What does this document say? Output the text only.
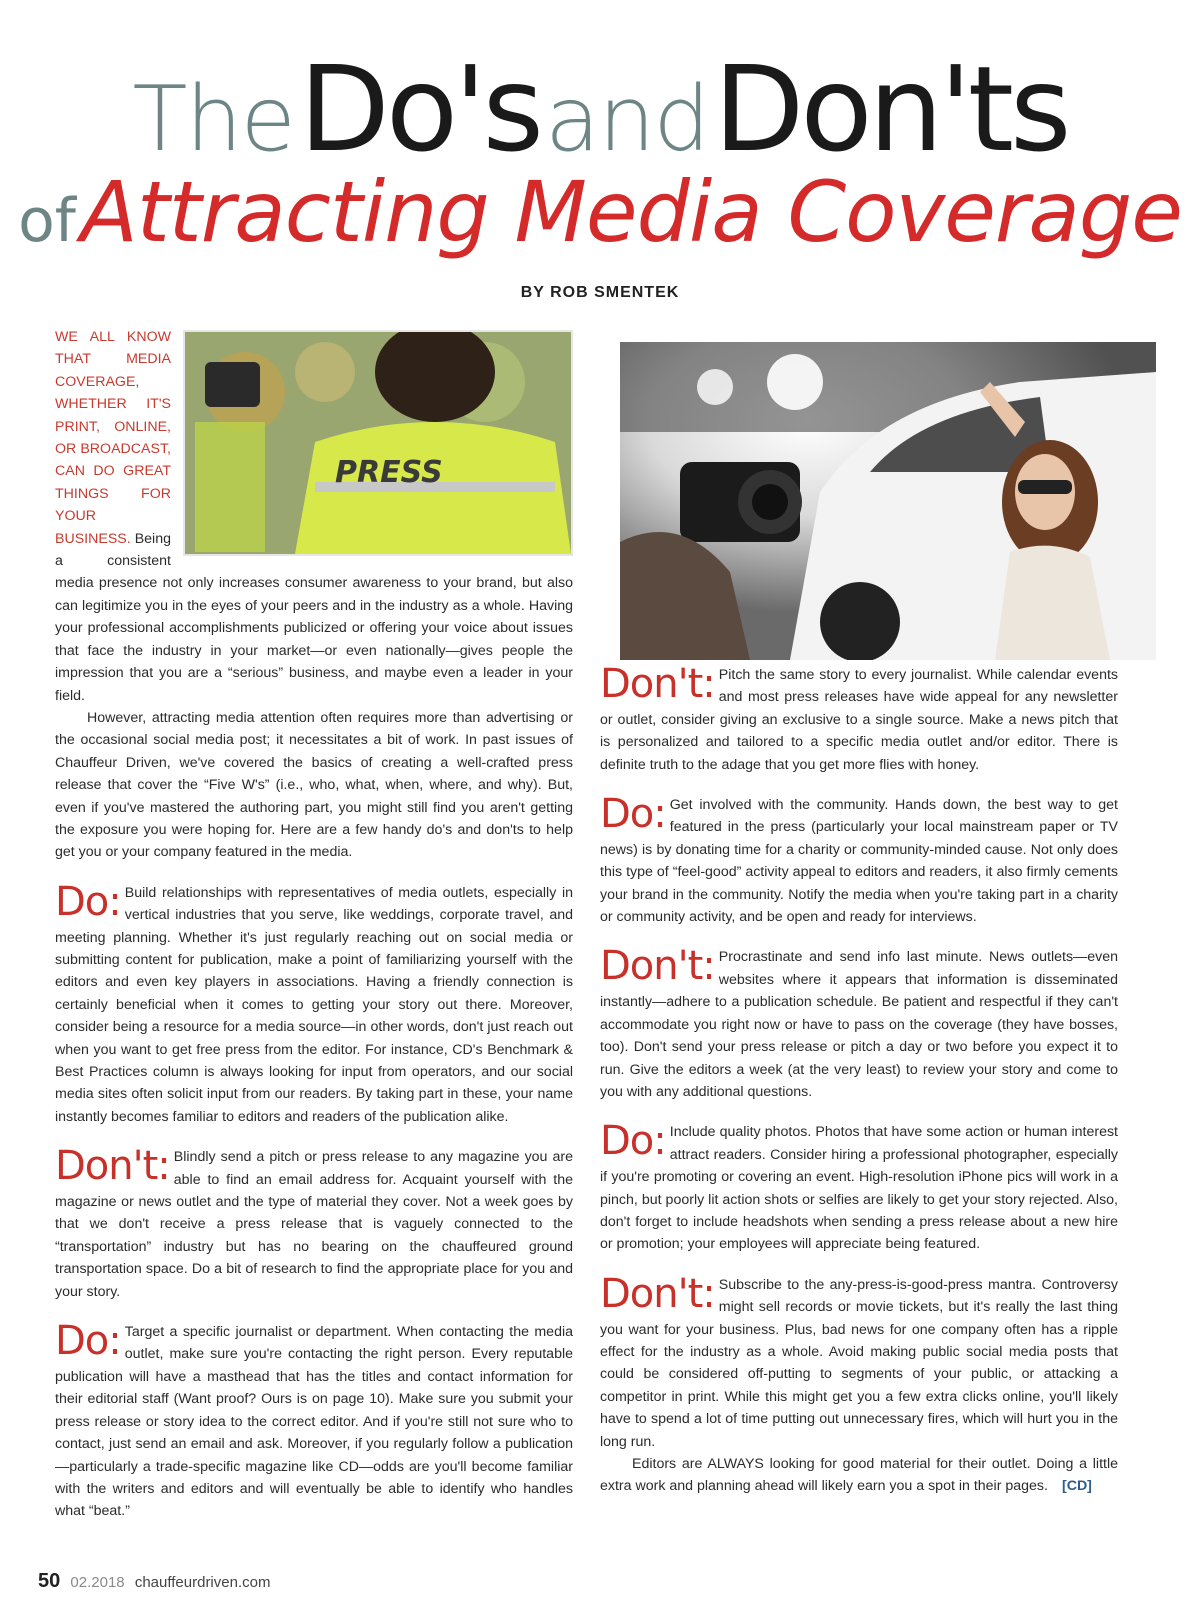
The Do's and Don'ts
of Attracting Media Coverage
BY ROB SMENTEK

PRESS
WE ALL KNOW THAT MEDIA COVERAGE, WHETHER IT'S PRINT, ONLINE, OR BROADCAST, CAN DO GREAT THINGS FOR YOUR BUSINESS. Being a consistent media presence not only increases consumer awareness to your brand, but also can legitimize you in the eyes of your peers and in the industry as a whole. Having your professional accomplishments publicized or offering your voice about issues that face the industry in your market—or even nationally—gives people the impression that you are a “serious” business, and maybe even a leader in your field.

However, attracting media attention often requires more than advertising or the occasional social media post; it necessitates a bit of work. In past issues of Chauffeur Driven, we've covered the basics of creating a well-crafted press release that cover the “Five W's” (i.e., who, what, when, where, and why). But, even if you've mastered the authoring part, you might still find you aren't getting the exposure you were hoping for. Here are a few handy do's and don'ts to help get you or your company featured in the media.

Do: Build relationships with representatives of media outlets, especially in vertical industries that you serve, like weddings, corporate travel, and meeting planning. Whether it's just regularly reaching out on social media or submitting content for publication, make a point of familiarizing yourself with the editors and even key players in associations. Having a friendly connection is certainly beneficial when it comes to getting your story out there. Moreover, consider being a resource for a media source—in other words, don't just reach out when you want to get free press from the editor. For instance, CD's Benchmark & Best Practices column is always looking for input from operators, and our social media sites often solicit input from our readers. By taking part in these, your name instantly becomes familiar to editors and readers of the publication alike.

Don't: Blindly send a pitch or press release to any magazine you are able to find an email address for. Acquaint yourself with the magazine or news outlet and the type of material they cover. Not a week goes by that we don't receive a press release that is vaguely connected to the “transportation” industry but has no bearing on the chauffeured ground transportation space. Do a bit of research to find the appropriate place for you and your story.

Do: Target a specific journalist or department. When contacting the media outlet, make sure you're contacting the right person. Every reputable publication will have a masthead that has the titles and contact information for their editorial staff (Want proof? Ours is on page 10). Make sure you submit your press release or story idea to the correct editor. And if you're still not sure who to contact, just send an email and ask. Moreover, if you regularly follow a publication—particularly a trade-specific magazine like CD—odds are you'll become familiar with the writers and editors and will eventually be able to identify who handles what “beat.”

Don't: Pitch the same story to every journalist. While calendar events and most press releases have wide appeal for any newsletter or outlet, consider giving an exclusive to a single source. Make a news pitch that is personalized and tailored to a specific media outlet and/or editor. There is definite truth to the adage that you get more flies with honey.

Do: Get involved with the community. Hands down, the best way to get featured in the press (particularly your local mainstream paper or TV news) is by donating time for a charity or community-minded cause. Not only does this type of “feel-good” activity appeal to editors and readers, it also firmly cements your brand in the community. Notify the media when you're taking part in a charity or community activity, and be open and ready for interviews.

Don't: Procrastinate and send info last minute. News outlets—even websites where it appears that information is disseminated instantly—adhere to a publication schedule. Be patient and respectful if they can't accommodate you right now or have to pass on the coverage (they have bosses, too). Don't send your press release or pitch a day or two before you expect it to run. Give the editors a week (at the very least) to review your story and come to you with any additional questions.

Do: Include quality photos. Photos that have some action or human interest attract readers. Consider hiring a professional photographer, especially if you're promoting or covering an event. High-resolution iPhone pics will work in a pinch, but poorly lit action shots or selfies are likely to get your story rejected. Also, don't forget to include headshots when sending a press release about a new hire or promotion; your employees will appreciate being featured.

Don't: Subscribe to the any-press-is-good-press mantra. Controversy might sell records or movie tickets, but it's really the last thing you want for your business. Plus, bad news for one company often has a ripple effect for the industry as a whole. Avoid making public social media posts that could be considered off-putting to segments of your public, or attacking a competitor in print. While this might get you a few extra clicks online, you'll likely have to spend a lot of time putting out unnecessary fires, which will hurt you in the long run.

Editors are ALWAYS looking for good material for their outlet. Doing a little extra work and planning ahead will likely earn you a spot in their pages. [CD]

50 02.2018 chauffeurdriven.com
